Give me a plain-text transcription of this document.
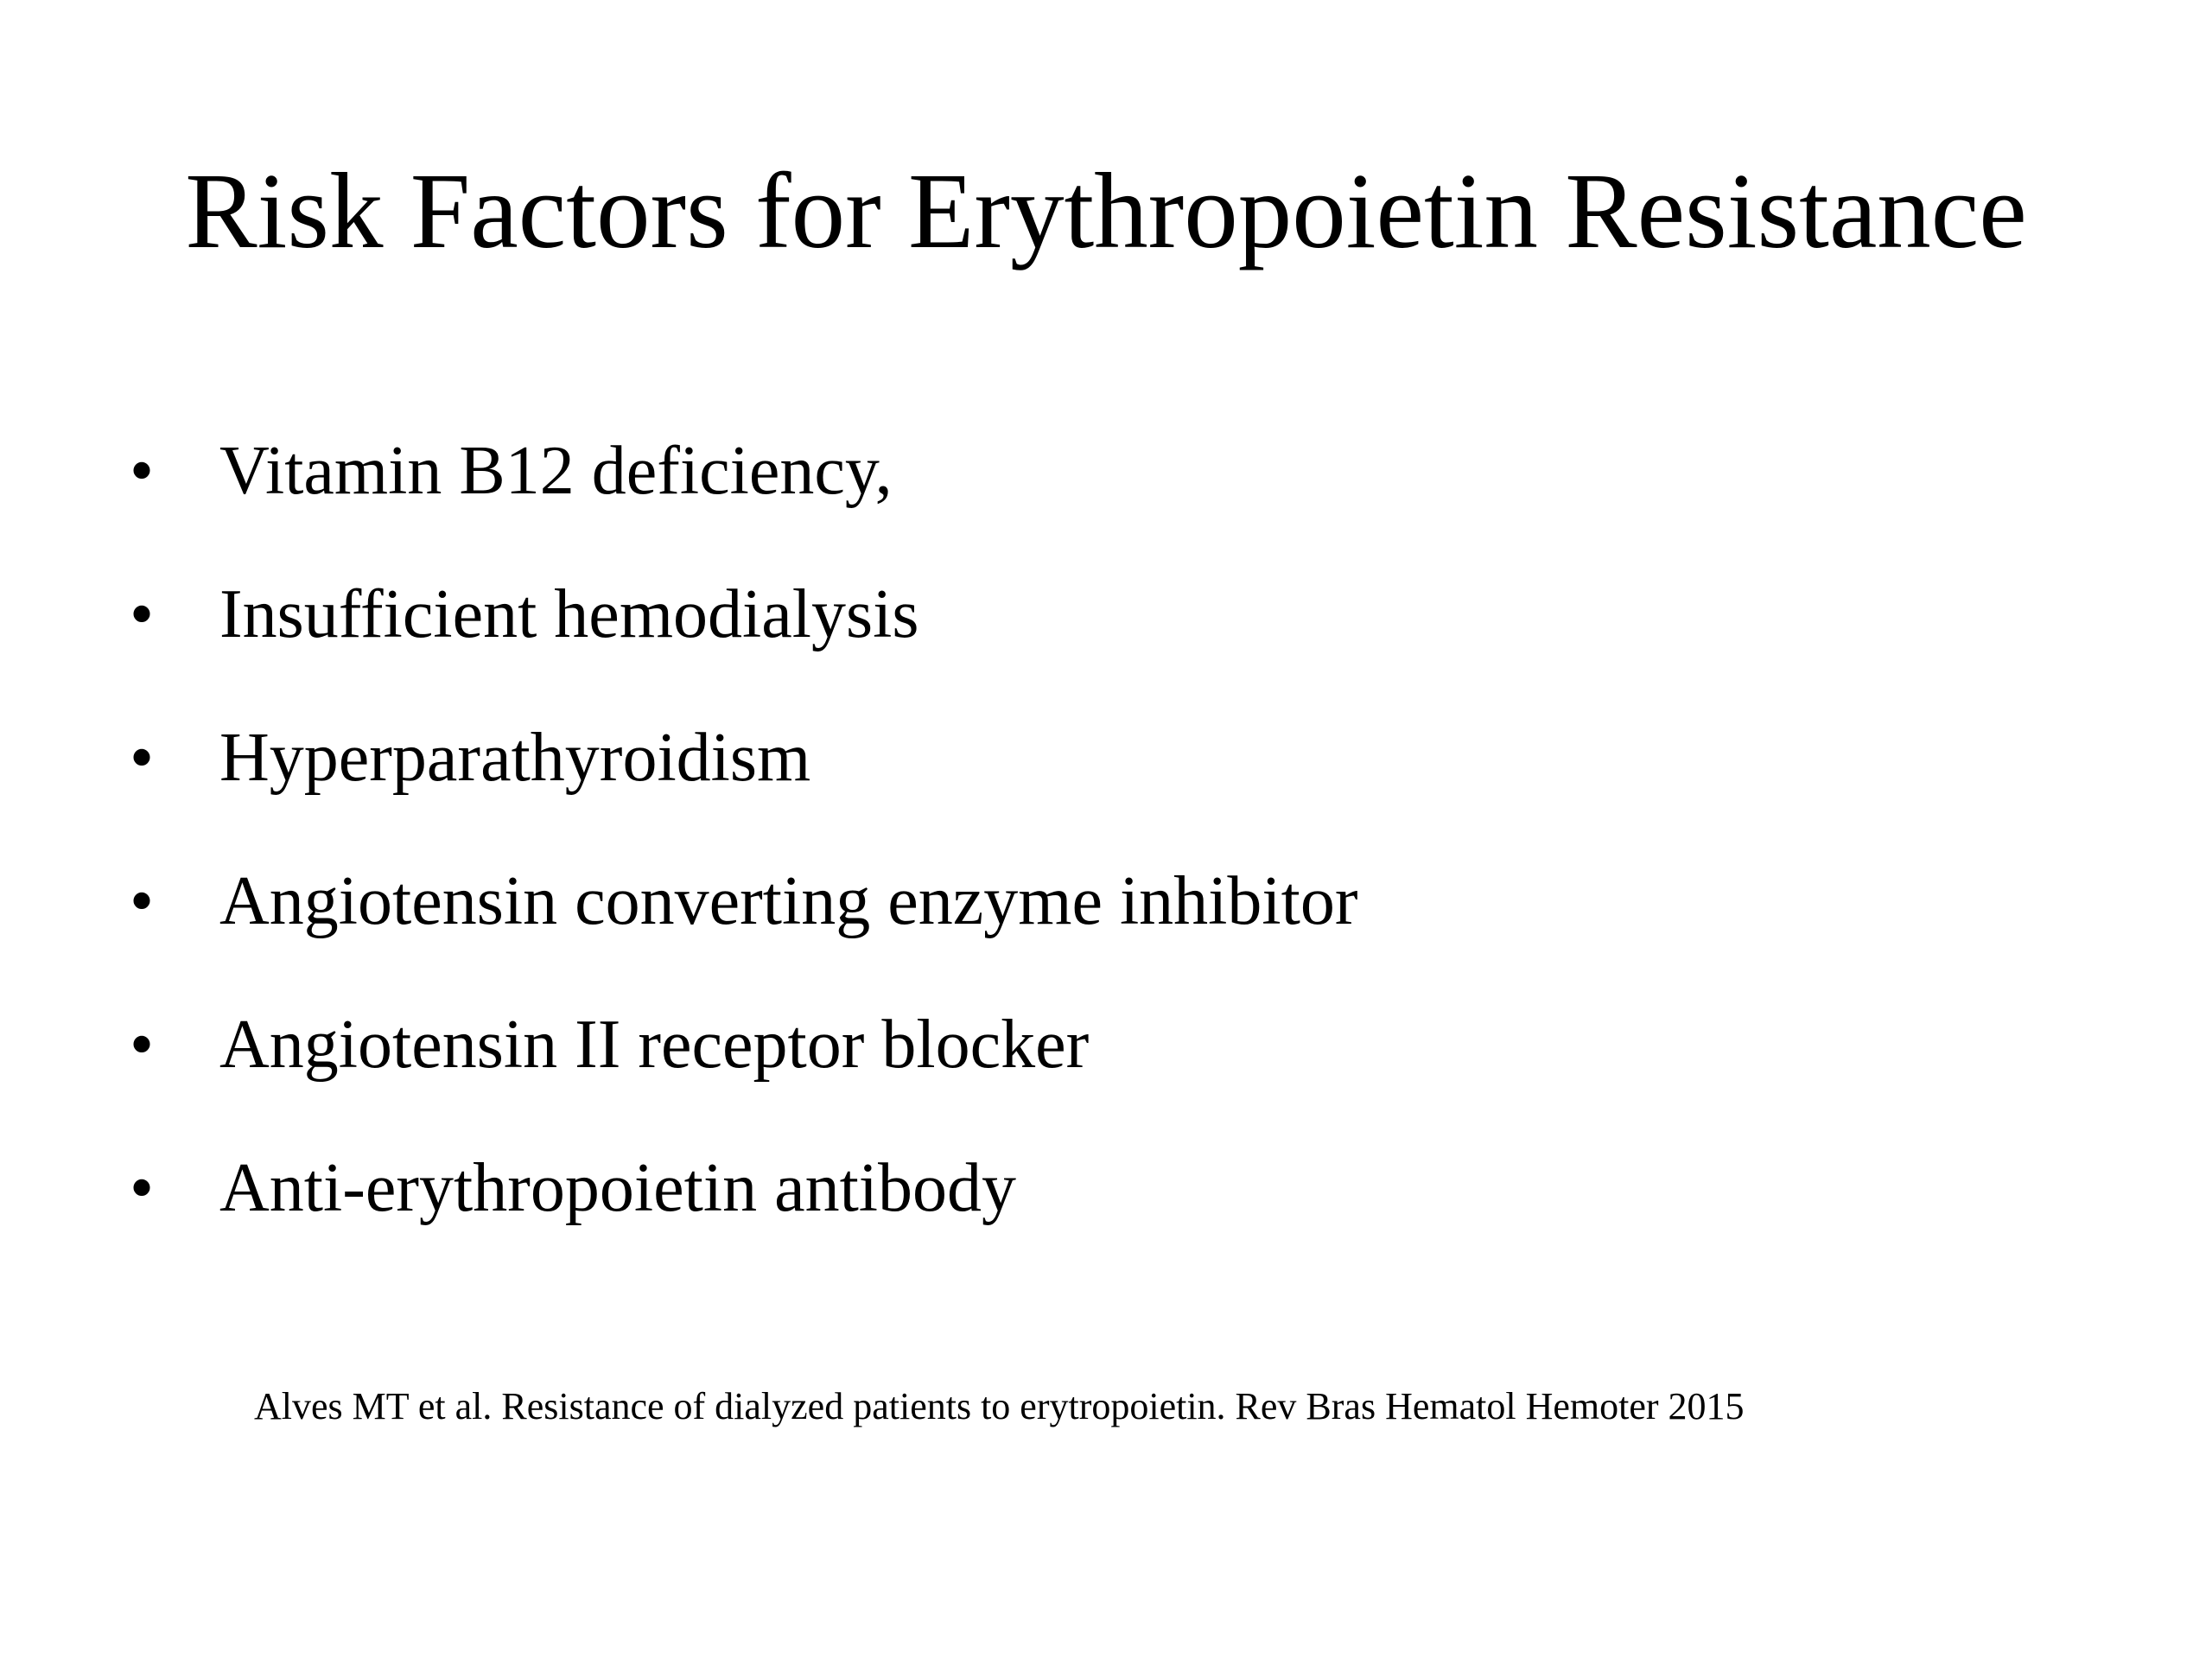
Risk Factors for Erythropoietin Resistance
• Vitamin B12 deficiency,
• Insufficient hemodialysis
• Hyperparathyroidism
• Angiotensin converting enzyme inhibitor
• Angiotensin II receptor blocker
• Anti-erythropoietin antibody
Alves MT et al. Resistance of dialyzed patients to erytropoietin. Rev Bras Hematol Hemoter 2015
